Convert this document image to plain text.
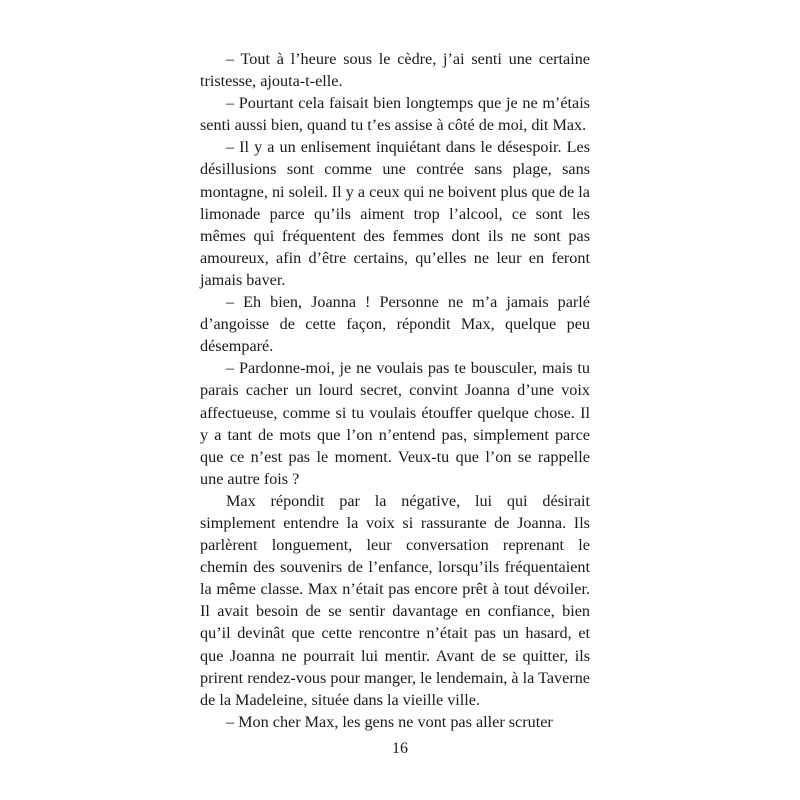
– Tout à l’heure sous le cèdre, j’ai senti une certaine tristesse, ajouta-t-elle.

– Pourtant cela faisait bien longtemps que je ne m’étais senti aussi bien, quand tu t’es assise à côté de moi, dit Max.

– Il y a un enlisement inquiétant dans le désespoir. Les désillusions sont comme une contrée sans plage, sans montagne, ni soleil. Il y a ceux qui ne boivent plus que de la limonade parce qu’ils aiment trop l’alcool, ce sont les mêmes qui fréquentent des femmes dont ils ne sont pas amoureux, afin d’être certains, qu’elles ne leur en feront jamais baver.

– Eh bien, Joanna ! Personne ne m’a jamais parlé d’angoisse de cette façon, répondit Max, quelque peu désemparé.

– Pardonne-moi, je ne voulais pas te bousculer, mais tu parais cacher un lourd secret, convint Joanna d’une voix affectueuse, comme si tu voulais étouffer quelque chose. Il y a tant de mots que l’on n’entend pas, simplement parce que ce n’est pas le moment. Veux-tu que l’on se rappelle une autre fois ?

Max répondit par la négative, lui qui désirait simplement entendre la voix si rassurante de Joanna. Ils parlèrent longuement, leur conversation reprenant le chemin des souvenirs de l’enfance, lorsqu’ils fréquentaient la même classe. Max n’était pas encore prêt à tout dévoiler. Il avait besoin de se sentir davantage en confiance, bien qu’il devinât que cette rencontre n’était pas un hasard, et que Joanna ne pourrait lui mentir. Avant de se quitter, ils prirent rendez-vous pour manger, le lendemain, à la Taverne de la Madeleine, située dans la vieille ville.

– Mon cher Max, les gens ne vont pas aller scruter

16
